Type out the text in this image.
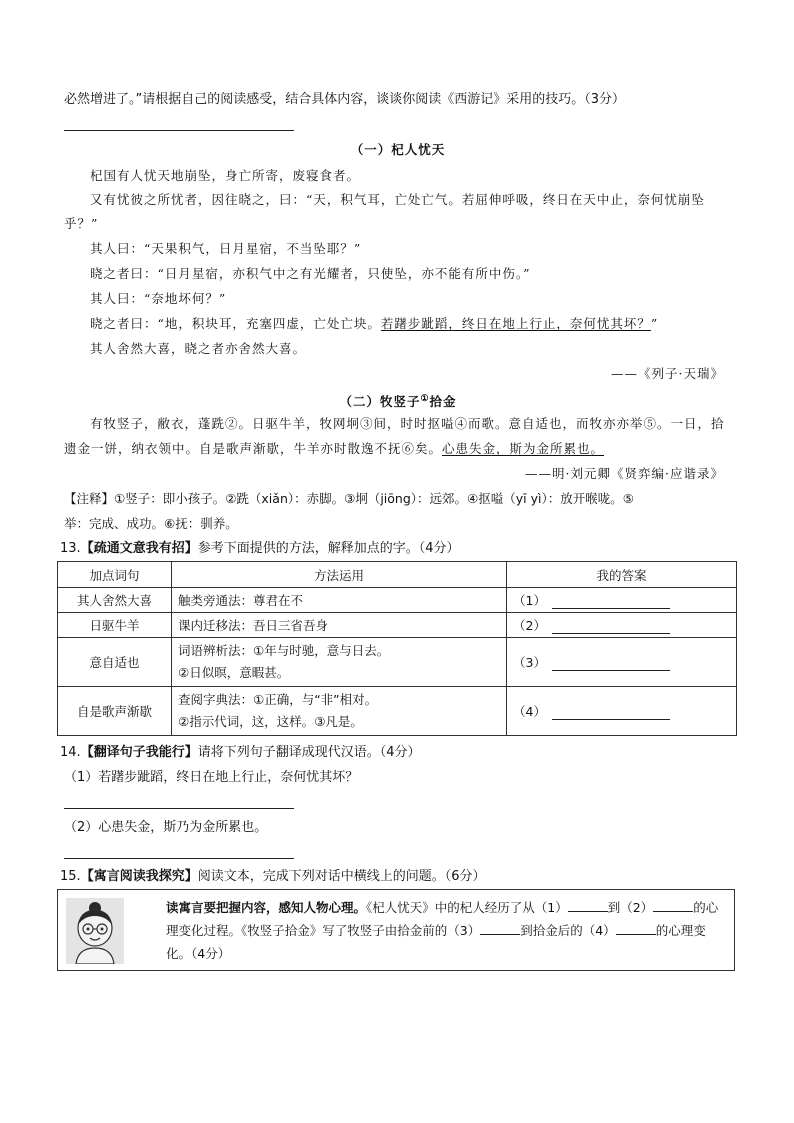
必然增进了。”请根据自己的阅读感受，结合具体内容，谈谈你阅读《西游记》采用的技巧。（3分）
（一）杞人忧天
杞国有人忧天地崩坠，身亡所寄，废寝食者。
又有忧彼之所忧者，因往晓之，曰：“天，积气耳，亡处亡气。若屈伸呼吸，终日在天中止，奈何忧崩坠
乎？”
其人曰：“天果积气，日月星宿，不当坠耶？”
晓之者曰：“日月星宿，亦积气中之有光耀者，只使坠，亦不能有所中伤。”
其人曰：“奈地坏何？”
晓之者曰：“地，积块耳，充塞四虚，亡处亡块。若躇步跐蹈，终日在地上行止，奈何忧其坏？”
其人舍然大喜，晓之者亦舍然大喜。
——《列子·天瑞》
（二）牧竖子①拾金
有牧竖子，敝衣，蓬跣②。日驱牛羊，牧网坰③间，时时抠嗌④而歌。意自适也，而牧亦亦举⑤。一日，拾
遗金一饼，纳衣领中。自是歌声渐歇，牛羊亦时散逸不抚⑥矣。心患失金，斯为金所累也。
——明·刘元卿《贤弈编·应谐录》
【注释】①竖子：即小孩子。②跣（xiǎn）：赤脚。③坰（jiōng）：远郊。④抠嗌（yī yì）：放开喉咙。⑤
举：完成、成功。⑥抚：驯养。
13.【疏通文意我有招】参考下面提供的方法，解释加点的字。（4分）
加点词句	方法运用	我的答案
其人舍然大喜	触类旁通法：尊君在不	（1）
日驱牛羊	课内迁移法：吾日三省吾身	（2）
意自适也	词语辨析法：①年与时驰，意与日去。
②日似暝，意暇甚。	（3）
自是歌声渐歇	查阅字典法：①正确，与“非”相对。
②指示代词，这，这样。③凡是。	（4）
14.【翻译句子我能行】请将下列句子翻译成现代汉语。（4分）
（1）若躇步跐蹈，终日在地上行止，奈何忧其坏？
（2）心患失金，斯乃为金所累也。
15.【寓言阅读我探究】阅读文本，完成下列对话中横线上的问题。（6分）
读寓言要把握内容，感知人物心理。《杞人忧天》中的杞人经历了从（1）	到（2）	的心理变化过程。《牧竖子拾金》写了牧竖子由拾金前的（3）	到拾金后的（4）	的心理变化。（4分）
